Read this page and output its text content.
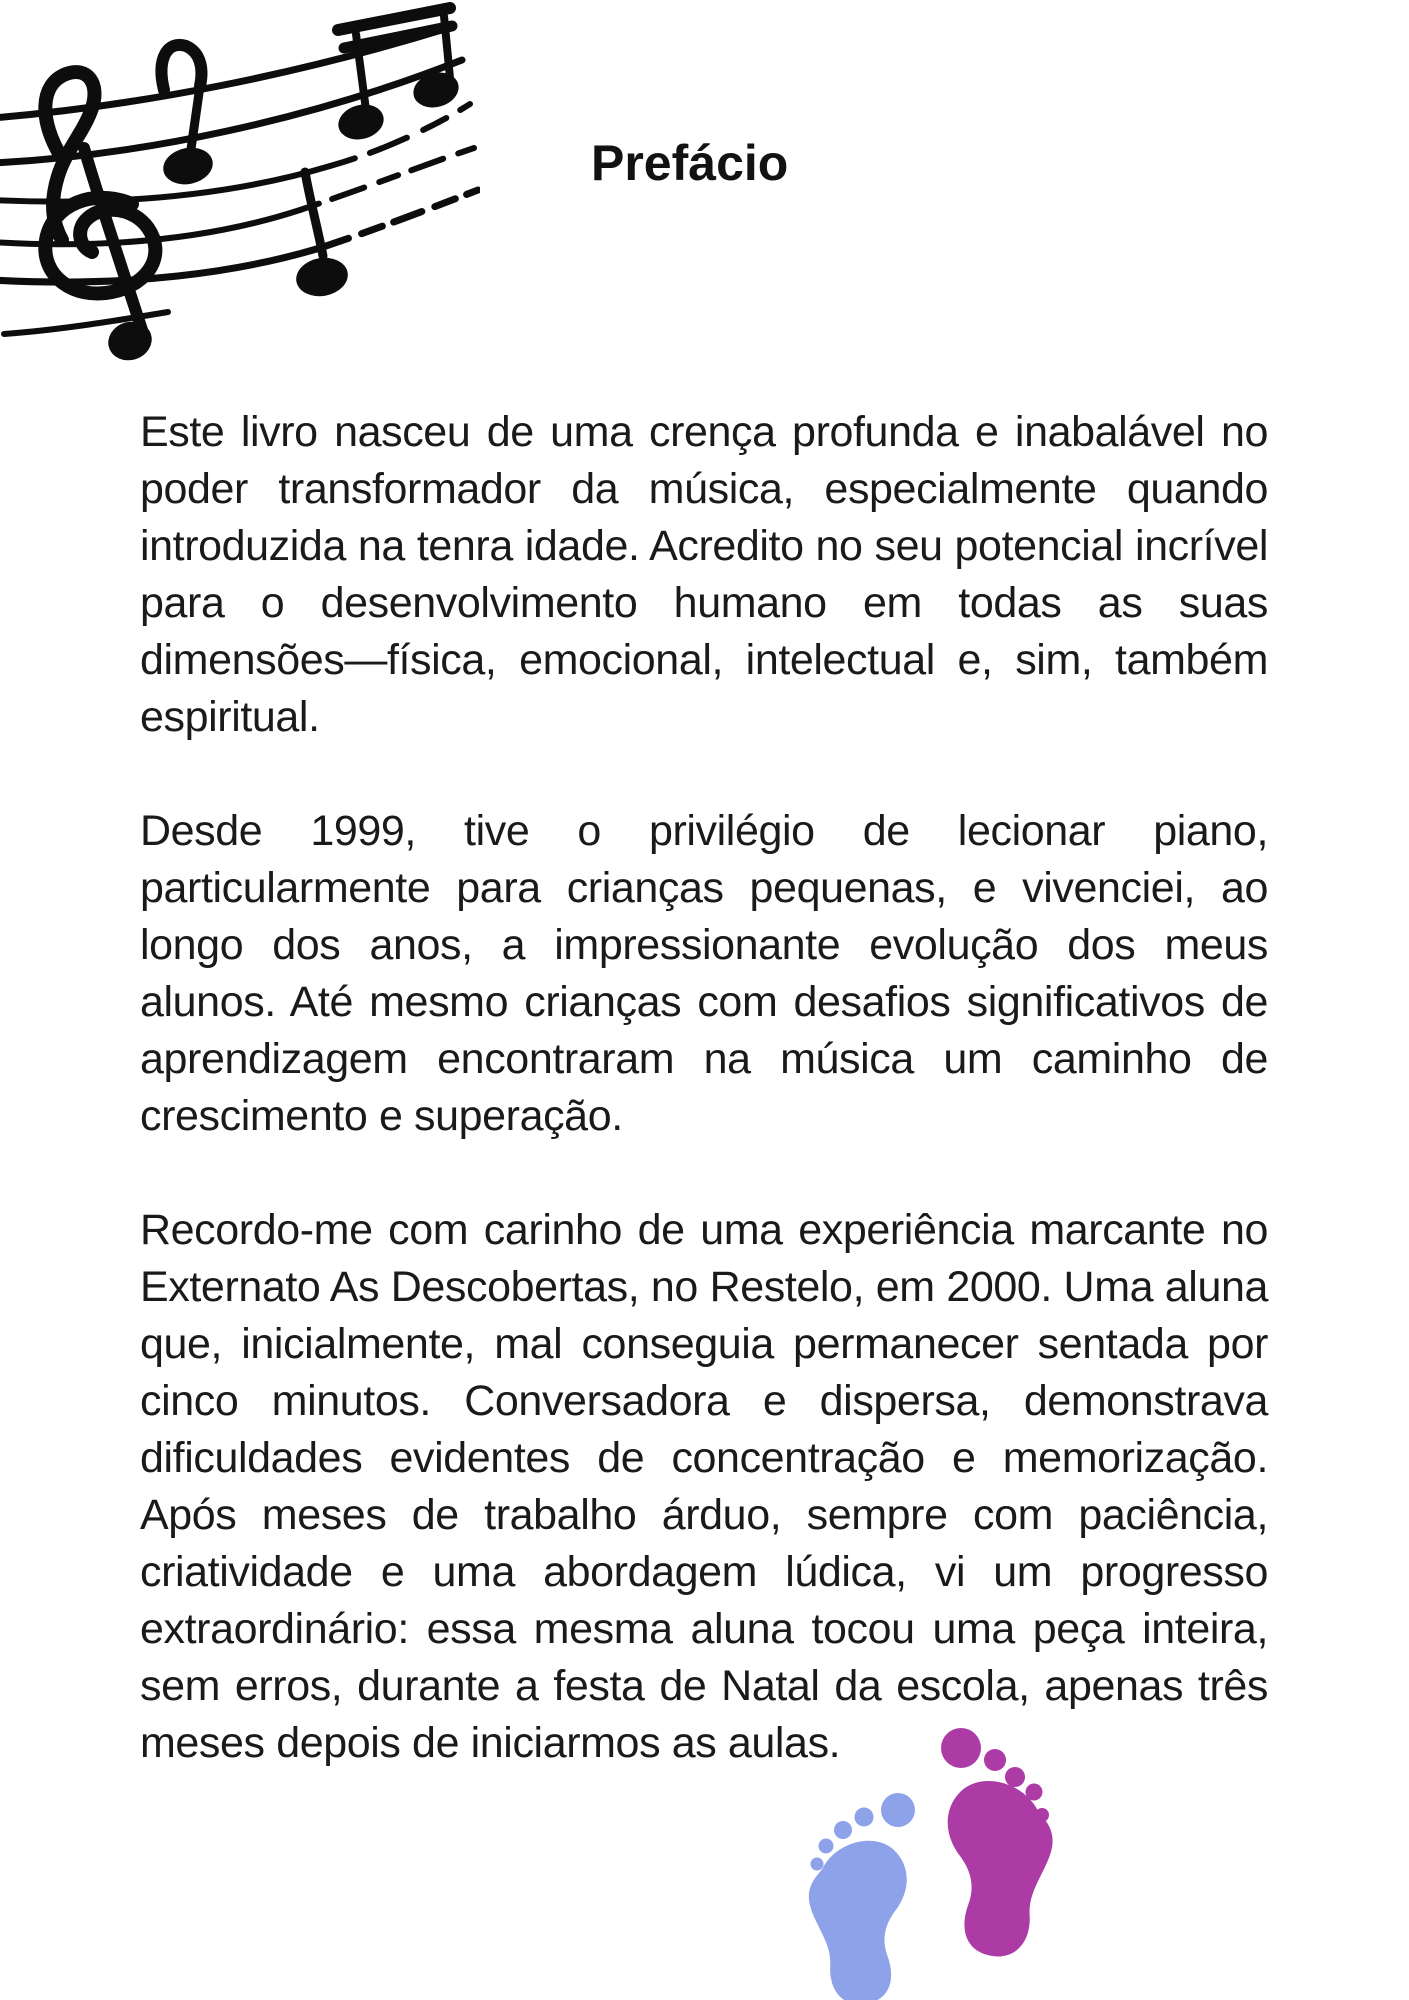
Prefácio

Este livro nasceu de uma crença profunda e inabalável no poder transformador da música, especialmente quando introduzida na tenra idade. Acredito no seu potencial incrível para o desenvolvimento humano em todas as suas dimensões—física, emocional, intelectual e, sim, também espiritual.

Desde 1999, tive o privilégio de lecionar piano, particularmente para crianças pequenas, e vivenciei, ao longo dos anos, a impressionante evolução dos meus alunos. Até mesmo crianças com desafios significativos de aprendizagem encontraram na música um caminho de crescimento e superação.

Recordo-me com carinho de uma experiência marcante no Externato As Descobertas, no Restelo, em 2000. Uma aluna que, inicialmente, mal conseguia permanecer sentada por cinco minutos. Conversadora e dispersa, demonstrava dificuldades evidentes de concentração e memorização. Após meses de trabalho árduo, sempre com paciência, criatividade e uma abordagem lúdica, vi um progresso extraordinário: essa mesma aluna tocou uma peça inteira, sem erros, durante a festa de Natal da escola, apenas três meses depois de iniciarmos as aulas.
